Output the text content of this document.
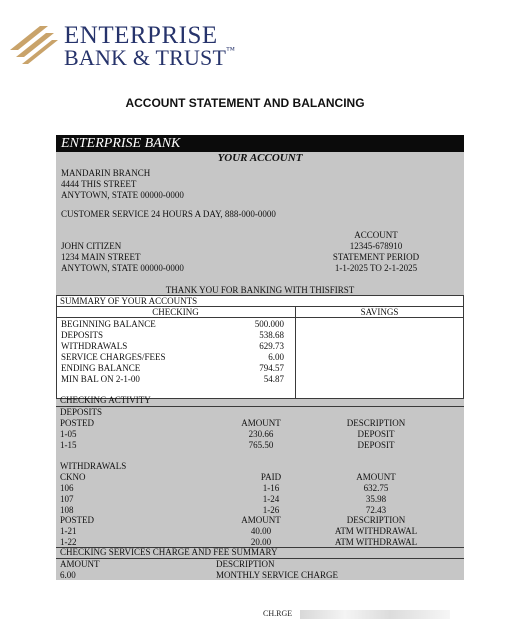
ENTERPRISE
BANK & TRUST™
ACCOUNT STATEMENT AND BALANCING
ENTERPRISE BANK
YOUR ACCOUNT
MANDARIN BRANCH
4444 THIS STREET
ANYTOWN, STATE 00000-0000
CUSTOMER SERVICE 24 HOURS A DAY, 888-000-0000
JOHN CITIZEN
1234 MAIN STREET
ANYTOWN, STATE 00000-0000
ACCOUNT
12345-678910
STATEMENT PERIOD
1-1-2025 TO 2-1-2025
THANK YOU FOR BANKING WITH THISFIRST
SUMMARY OF YOUR ACCOUNTS
CHECKING	SAVINGS
BEGINNING BALANCE	500.000
DEPOSITS	538.68
WITHDRAWALS	629.73
SERVICE CHARGES/FEES	6.00
ENDING BALANCE	794.57
MIN BAL ON 2-1-00	54.87
CHECKING ACTIVITY
DEPOSITS
POSTED	AMOUNT	DESCRIPTION
1-05	230.66	DEPOSIT
1-15	765.50	DEPOSIT
WITHDRAWALS
CKNO	PAID	AMOUNT
106	1-16	632.75
107	1-24	35.98
108	1-26	72.43
POSTED	AMOUNT	DESCRIPTION
1-21	40.00	ATM WITHDRAWAL
1-22	20.00	ATM WITHDRAWAL
CHECKING SERVICES CHARGE AND FEE SUMMARY
AMOUNT	DESCRIPTION
6.00	MONTHLY SERVICE CHARGE
CH.RGE
